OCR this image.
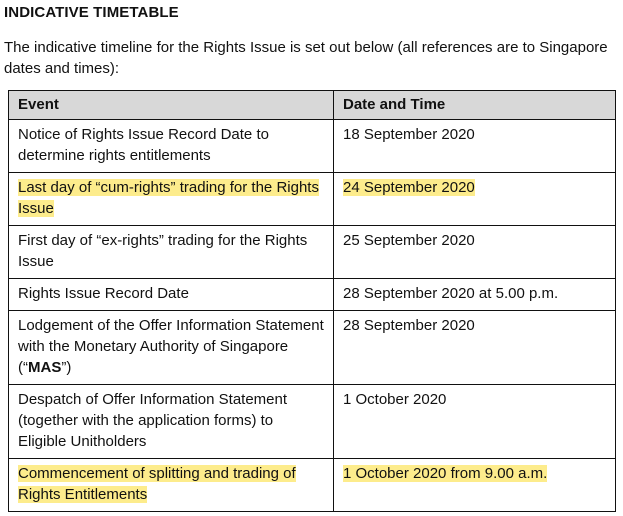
INDICATIVE TIMETABLE
The indicative timeline for the Rights Issue is set out below (all references are to Singapore dates and times):
Event	Date and Time
Notice of Rights Issue Record Date to determine rights entitlements	18 September 2020
Last day of “cum-rights” trading for the Rights Issue	24 September 2020
First day of “ex-rights” trading for the Rights Issue	25 September 2020
Rights Issue Record Date	28 September 2020 at 5.00 p.m.
Lodgement of the Offer Information Statement with the Monetary Authority of Singapore (“MAS”)	28 September 2020
Despatch of Offer Information Statement (together with the application forms) to Eligible Unitholders	1 October 2020
Commencement of splitting and trading of Rights Entitlements	1 October 2020 from 9.00 a.m.
